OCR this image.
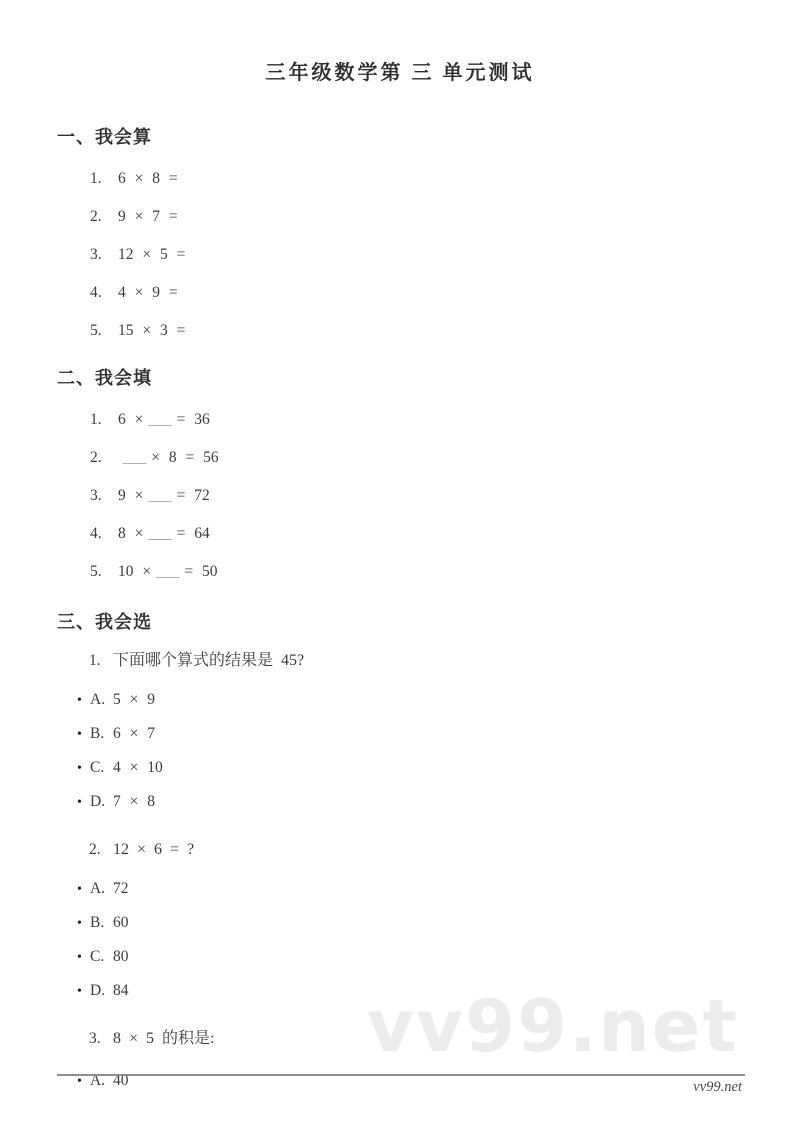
vv99.net
三年级数学第 三 单元测试
一、我会算
1. 6 × 8 =
2. 9 × 7 =
3. 12 × 5 =
4. 4 × 9 =
5. 15 × 3 =
二、我会填
1. 6 × ___ = 36
2. ___ × 8 = 56
3. 9 × ___ = 72
4. 8 × ___ = 64
5. 10 × ___ = 50
三、我会选
1. 下面哪个算式的结果是 45?
• A. 5 × 9
• B. 6 × 7
• C. 4 × 10
• D. 7 × 8
2. 12 × 6 = ?
• A. 72
• B. 60
• C. 80
• D. 84
3. 8 × 5 的积是:
• A. 40	vv99.net
